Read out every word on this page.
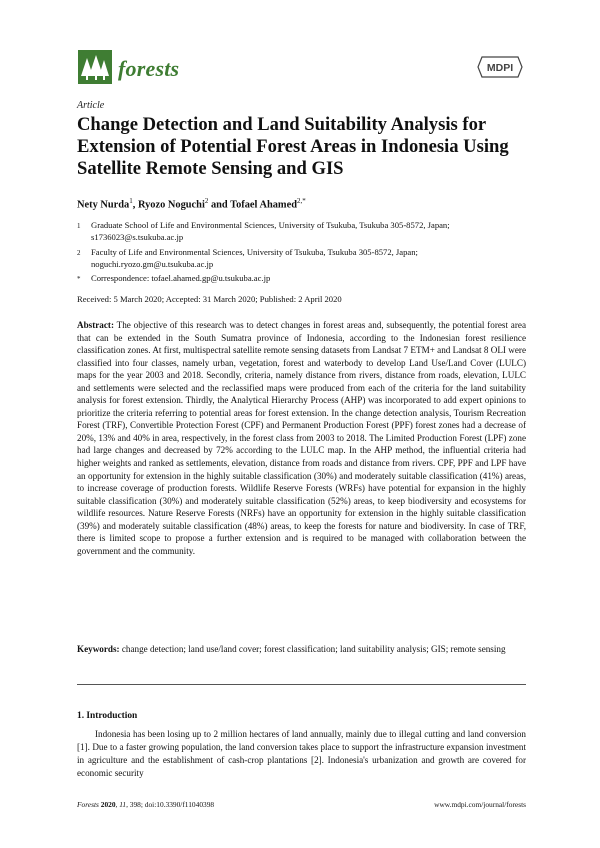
forests	MDPI
Article
Change Detection and Land Suitability Analysis for Extension of Potential Forest Areas in Indonesia Using Satellite Remote Sensing and GIS
Nety Nurda$^1$, Ryozo Noguchi$^2$ and Tofael Ahamed$^{2,*}$
1	Graduate School of Life and Environmental Sciences, University of Tsukuba, Tsukuba 305-8572, Japan; s1736023@s.tsukuba.ac.jp
2	Faculty of Life and Environmental Sciences, University of Tsukuba, Tsukuba 305-8572, Japan; noguchi.ryozo.gm@u.tsukuba.ac.jp
*	Correspondence: tofael.ahamed.gp@u.tsukuba.ac.jp
Received: 5 March 2020; Accepted: 31 March 2020; Published: 2 April 2020
Abstract: The objective of this research was to detect changes in forest areas and, subsequently, the potential forest area that can be extended in the South Sumatra province of Indonesia, according to the Indonesian forest resilience classification zones. At first, multispectral satellite remote sensing datasets from Landsat 7 ETM+ and Landsat 8 OLI were classified into four classes, namely urban, vegetation, forest and waterbody to develop Land Use/Land Cover (LULC) maps for the year 2003 and 2018. Secondly, criteria, namely distance from rivers, distance from roads, elevation, LULC and settlements were selected and the reclassified maps were produced from each of the criteria for the land suitability analysis for forest extension. Thirdly, the Analytical Hierarchy Process (AHP) was incorporated to add expert opinions to prioritize the criteria referring to potential areas for forest extension. In the change detection analysis, Tourism Recreation Forest (TRF), Convertible Protection Forest (CPF) and Permanent Production Forest (PPF) forest zones had a decrease of 20%, 13% and 40% in area, respectively, in the forest class from 2003 to 2018. The Limited Production Forest (LPF) zone had large changes and decreased by 72% according to the LULC map. In the AHP method, the influential criteria had higher weights and ranked as settlements, elevation, distance from roads and distance from rivers. CPF, PPF and LPF have an opportunity for extension in the highly suitable classification (30%) and moderately suitable classification (41%) areas, to increase coverage of production forests. Wildlife Reserve Forests (WRFs) have potential for expansion in the highly suitable classification (30%) and moderately suitable classification (52%) areas, to keep biodiversity and ecosystems for wildlife resources. Nature Reserve Forests (NRFs) have an opportunity for extension in the highly suitable classification (39%) and moderately suitable classification (48%) areas, to keep the forests for nature and biodiversity. In case of TRF, there is limited scope to propose a further extension and is required to be managed with collaboration between the government and the community.
Keywords: change detection; land use/land cover; forest classification; land suitability analysis; GIS; remote sensing
1. Introduction
Indonesia has been losing up to 2 million hectares of land annually, mainly due to illegal cutting and land conversion [1]. Due to a faster growing population, the land conversion takes place to support the infrastructure expansion investment in agriculture and the establishment of cash-crop plantations [2]. Indonesia's urbanization and growth are covered for economic security
Forests 2020, 11, 398; doi:10.3390/f11040398	www.mdpi.com/journal/forests
